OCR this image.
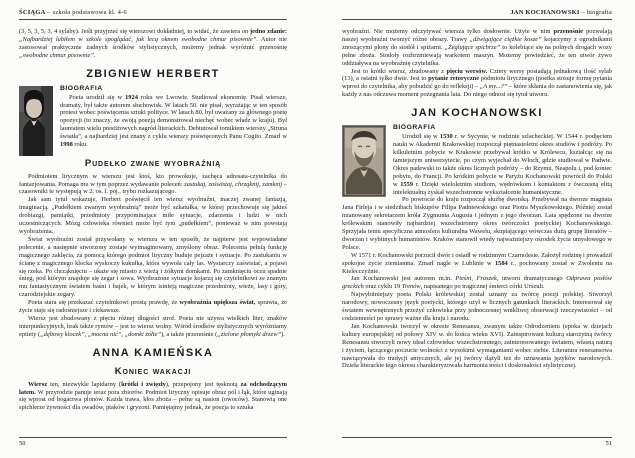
ŚCIĄGA – szkoła podstawowa kl. 4-6

(3, 5, 3, 5, 3, 4 sylaby). Jeśli przyjrzeć się wierszowi dokładniej, to widać, że zawiera on jedno zdanie: „Najbardziej lubiłem w szkole spoglądać, jak lecą oknem swobodne chmur pisownie”. Autor nie zastosował praktycznie żadnych środków stylistycznych, możemy jednak wyróżnić przenośnię „swobodne chmur pisownie”.

ZBIGNIEW HERBERT
BIOGRAFIA

Poeta urodził się w 1924 roku we Lwowie. Studiował ekonomię. Pisał wiersze, dramaty, był także autorem słuchowisk. W latach 50. nie pisał, wyrażając w ten sposób protest wobec poświęcenia sztuki polityce. W latach 80. był uważany za głównego poetę opozycji (to znaczy, że swoją poezją demonstrował niechęć wobec władz w kraju). Był laureatem wielu prestiżowych nagród literackich. Debiutował tomikiem wierszy „Struna światła”, a najbardziej jest znany z cyklu wierszy poświęconych Panu Cogito. Zmarł w 1998 roku.

Pudełko zwane wyobraźnią

Podmiotem lirycznym w wierszu jest ktoś, kto prowokuje, zachęca adresata-czytelnika do fantazjowania. Pomaga mu w tym poprzez wydawanie poleceń: zastukaj, zaświstaj, chrząknij, zamknij – czasowniki te występują w 2. os. l. poj., trybu rozkazującego.

Jak sam tytuł wskazuje, Herbert poświęcił ten wiersz wyobraźni, inaczej zwanej fantazją, imaginacją. „Pudełkiem zwanym wyobraźnią” może być szkatułka, w której przechowuje się jakieś drobiazgi, pamiątki, przedmioty przypominające miłe sytuacje, zdarzenia i ludzi w nich uczestniczących. Mózg człowieka również może być tym „pudełkiem”, ponieważ w nim powstają wyobrażenia.

Świat wyobraźni został przywołany w wierszu w ten sposób, że najpierw jest wypowiadane polecenie, a następnie stworzony zostaje wyimaginowany, zmyślony obraz. Polecenia pełnią funkcję magicznego zaklęcia, za pomocą którego podmiot liryczny buduje pejzaże i sytuacje. Po zastukaniu w ścianę z magicznego klocka wyskoczy kukułka, która wywoła cały las. Wystarczy zaświstać, a pojawi się rzeka. Po chrząknięciu – ukaże się miasto z wieżą i żółtymi domkami. Po zamknięciu oczu spadnie śnieg, pod którym znajduje się zegar i sowa. Wyobrażone sytuacje kojarzą się czytelnikowi ze znanym mu fantastycznym światem baśni i bajek, w którym istnieją magiczne przedmioty, wieże, lasy i góry, czarodziejskie zegary.

Poeta stara się przekazać czytelnikowi prostą prawdę, że wyobraźnia upiększa świat, sprawia, że życie staje się radośniejsze i ciekawsze.

Wiersz jest zbudowany z pięciu różnej długości strof. Poeta nie używa wielkich liter, znaków interpunkcyjnych, brak także rymów – jest to wiersz wolny. Wśród środków stylistycznych wyróżniamy epitety („dębowy klocek”, „mocna nić”, „domki żółte”), a także przenośnie („zielone płomyki drzew”).

ANNA KAMIEŃSKA
Koniec wakacji

Wiersz ten, niezwykle lapidarny (krótki i zwięzły), przepojony jest tęsknotą za odchodzącym latem. W przyrodzie panuje teraz pora zbiorów. Podmiot liryczny opisuje obraz pól i łąk, które uginają się wprost od bogactwa plonów. Każda trawa, kłos zboża – pełne są nasion (owoców). Stanowią one spichlerze żywności dla owadów, ptaków i gryzoni. Pamiętajmy jednak, że poezja to sztuka

50
JAN KOCHANOWSKI – biografia

wyobraźni. Nie możemy odczytywać wiersza tylko dosłownie. Użyte w nim przenośnie pozwalają naszej wyobraźni tworzyć różne obrazy. Trawy „dźwigające ciężkie kosze” kojarzymy z ogrodnikami znoszącymi plony do stodół i spiżarni. „Żeglujące spichrze” to kolebiące się na polnych drogach wozy pełne zboża. Stodoły rozbrzmiewają warkotem maszyn. Możemy powiedzieć, że ten utwór żywo oddziaływa na wyobraźnię czytelnika.

Jest to krótki wiersz, zbudowany z pięciu wersów. Cztery wersy posiadają jednakową ilość sylab (13), a ostatni tylko dwie. Jest to pytanie retoryczne podmiotu lirycznego (poetka stosuje formę pytania wprost do czytelnika, aby pobudzić go do refleksji) – „A my...?” – które skłania do zastanowienia się, jak każdy z nas odczuwa moment pożegnania lata. Do niego odnosi się tytuł utworu.

JAN KOCHANOWSKI
BIOGRAFIA

Urodził się w 1530 r. w Sycynie, w rodzinie szlacheckiej. W 1544 r. podjęciem nauki w Akademii Krakowskiej rozpoczął piętnastoletni okres studiów i podróży. Po kilkuletnim pobycie w Krakowie przebywał krótko w Królewcu, kształcąc się na tamtejszym uniwersytecie, po czym wyjechał do Włoch, gdzie studiował w Padwie. Okres padewski to także okres licznych podróży – do Rzymu, Neapolu i, pod koniec pobytu, do Francji. Po krótkim pobycie w Paryżu Kochanowski powrócił do Polski w 1559 r. Dzięki wieloletnim studiom, wędrówkom i kontaktom z ówczesną elitą intelektualną zyskał wszechstronne wykształcenie humanistyczne.

Po powrocie do kraju rozpoczął służbę dworską. Przebywał na dworze magnata Jana Firleja i w siedzibach biskupów Filipa Padniewskiego oraz Piotra Myszkowskiego. Później został mianowany sekretarzem króla Zygmunta Augusta i jednym z jego dworzan. Lata spędzone na dworze królewskim stanowiły najbardziej wszechstronny okres twórczości poetyckiej Kochanowskiego. Sprzyjała temu specyficzna atmosfera kulturalna Wawelu, skupiającego wówczas dużą grupę literatów – dworzan i wybitnych humanistów. Kraków stanowił wtedy najważniejszy ośrodek życia umysłowego w Polsce.

W 1571 r. Kochanowski porzucił dwór i osiadł w rodzinnym Czarnolesie. Założył rodzinę i prowadził spokojne życie ziemianina. Zmarł nagle w Lublinie w 1584 r., pochowany został w Zwoleniu na Kielecczyźnie.

Jan Kochanowski jest autorem m.in. Pieśni, Fraszek, utworu dramatycznego Odprawa posłów greckich oraz cyklu 19 Trenów, napisanego po tragicznej śmierci córki Urszuli.

Najwybitniejszy poeta Polski królewskiej został uznany za twórcę poezji polskiej. Stworzył narodowy, nowoczesny język poetycki, którego użył w licznych gatunkach literackich. Interesował się światem wewnętrznych przeżyć człowieka przy jednoczesnej wnikliwej obserwacji rzeczywistości – od codzienności po sprawy ważne dla kraju i narodu.

Jan Kochanowski tworzył w okresie Renesansu, zwanym także Odrodzeniem (epoka w dziejach kultury europejskiej od połowy XIV w. do końca wieku XVI). Zainspirowani kulturą starożytną twórcy Renesansu stworzyli nowy ideał człowieka: wszechstronnego, zainteresowanego światem, własną naturą i życiem, łączącego poczucie wolności z wysokimi wymaganiami wobec siebie. Literatura renesansowa nawiązywała do tradycji antycznych, ale jej twórcy dążyli też do uznawania języków narodowych. Dzieła literackie tego okresu charakteryzowała harmonia treści i doskonałości stylistycznej.

51
